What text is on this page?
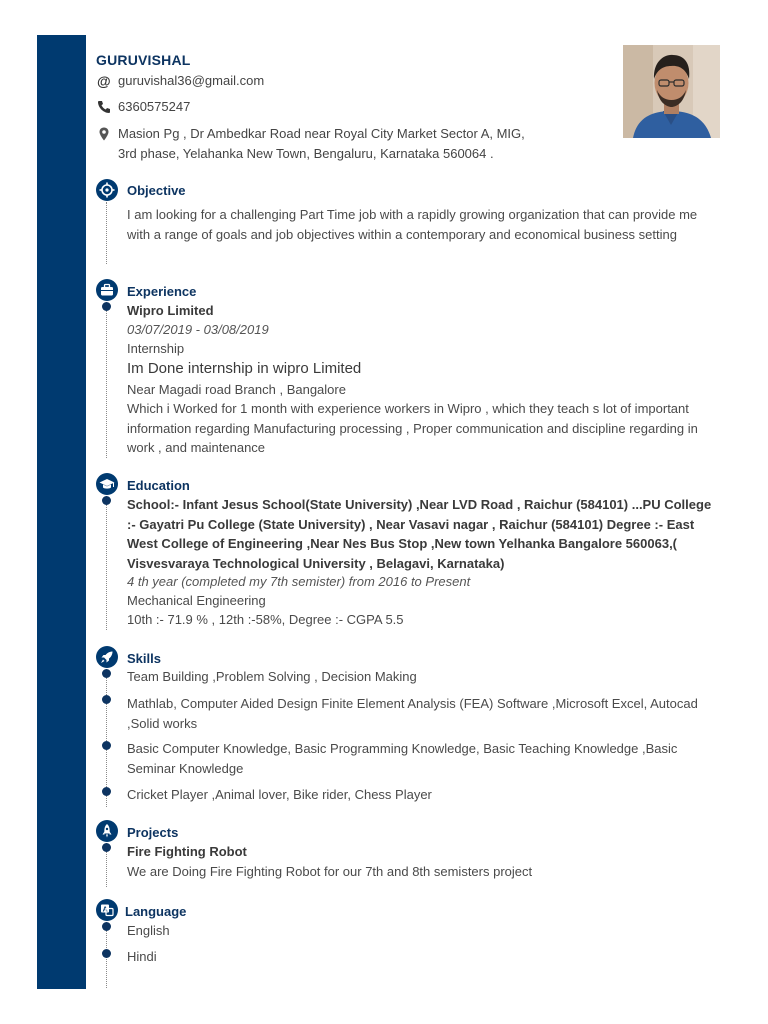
GURUVISHAL
@ guruvishal36@gmail.com
6360575247
Masion Pg , Dr Ambedkar Road near Royal City Market Sector A, MIG,
3rd phase, Yelahanka New Town, Bengaluru, Karnataka 560064 .
Objective
I am looking for a challenging Part Time job with a rapidly growing organization that can provide me with a range of goals and job objectives within a contemporary and economical business setting
Experience
Wipro Limited
03/07/2019 - 03/08/2019
Internship
Im Done internship in wipro Limited
Near Magadi road Branch , Bangalore
Which i Worked for 1 month with experience workers in Wipro , which they teach s lot of important information regarding Manufacturing processing , Proper communication and discipline regarding in work , and maintenance
Education
School:- Infant Jesus School(State University) ,Near LVD Road , Raichur (584101) ...PU College :- Gayatri Pu College (State University) , Near Vasavi nagar , Raichur (584101) Degree :- East West College of Engineering ,Near Nes Bus Stop ,New town Yelhanka Bangalore 560063,( Visvesvaraya Technological University , Belagavi, Karnataka)
4 th year (completed my 7th semister) from 2016 to Present
Mechanical Engineering
10th :- 71.9 % , 12th :-58%, Degree :- CGPA 5.5
Skills
Team Building ,Problem Solving , Decision Making
Mathlab, Computer Aided Design Finite Element Analysis (FEA) Software ,Microsoft Excel, Autocad ,Solid works
Basic Computer Knowledge, Basic Programming Knowledge, Basic Teaching Knowledge ,Basic Seminar Knowledge
Cricket Player ,Animal lover, Bike rider, Chess Player
Projects
Fire Fighting Robot
We are Doing Fire Fighting Robot for our 7th and 8th semisters project
A Language
English
Hindi
